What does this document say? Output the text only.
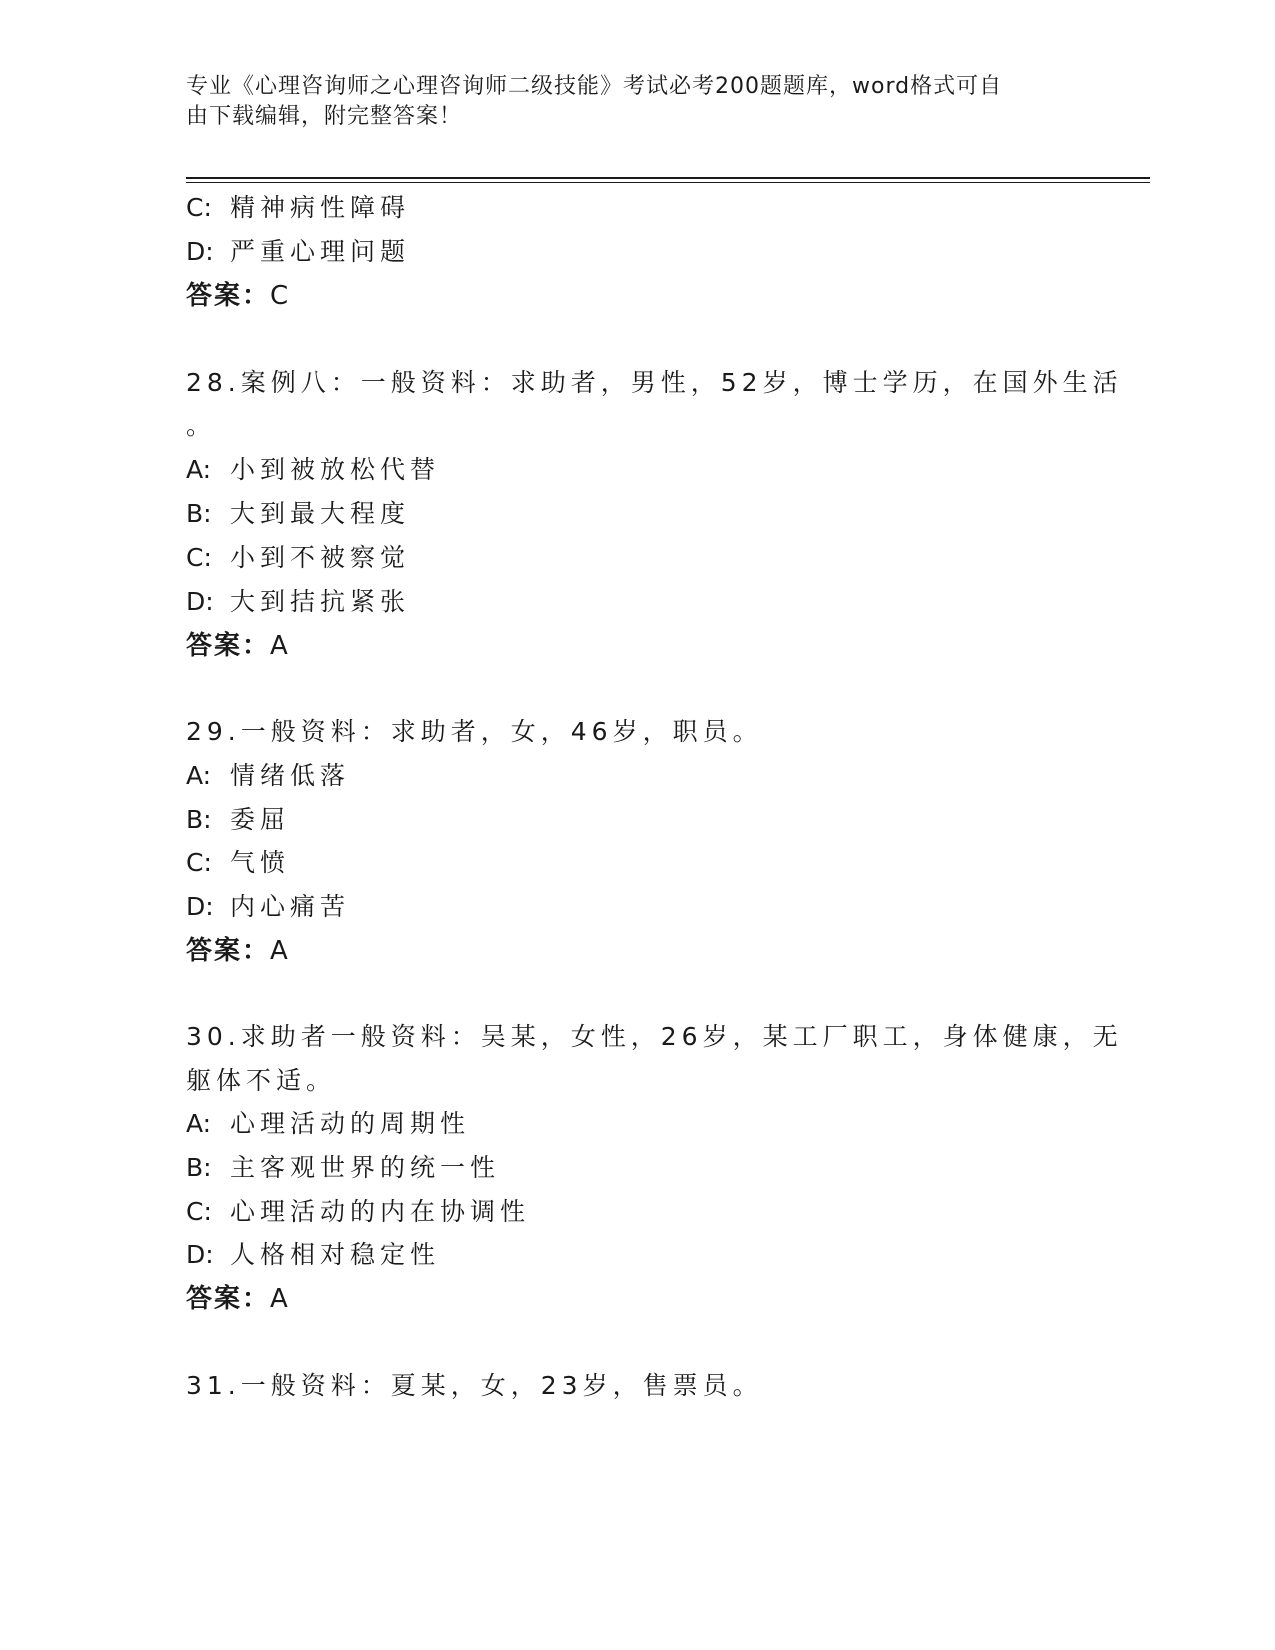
专业《心理咨询师之心理咨询师二级技能》考试必考200题题库，word格式可自
由下载编辑，附完整答案！
C: 精神病性障碍
D: 严重心理问题
答案：C
28.案例八：一般资料：求助者，男性，52岁，博士学历，在国外生活
。
A: 小到被放松代替
B: 大到最大程度
C: 小到不被察觉
D: 大到拮抗紧张
答案：A
29.一般资料：求助者，女，46岁，职员。
A: 情绪低落
B: 委屈
C: 气愤
D: 内心痛苦
答案：A
30.求助者一般资料：吴某，女性，26岁，某工厂职工，身体健康，无
躯体不适。
A: 心理活动的周期性
B: 主客观世界的统一性
C: 心理活动的内在协调性
D: 人格相对稳定性
答案：A
31.一般资料：夏某，女，23岁，售票员。
